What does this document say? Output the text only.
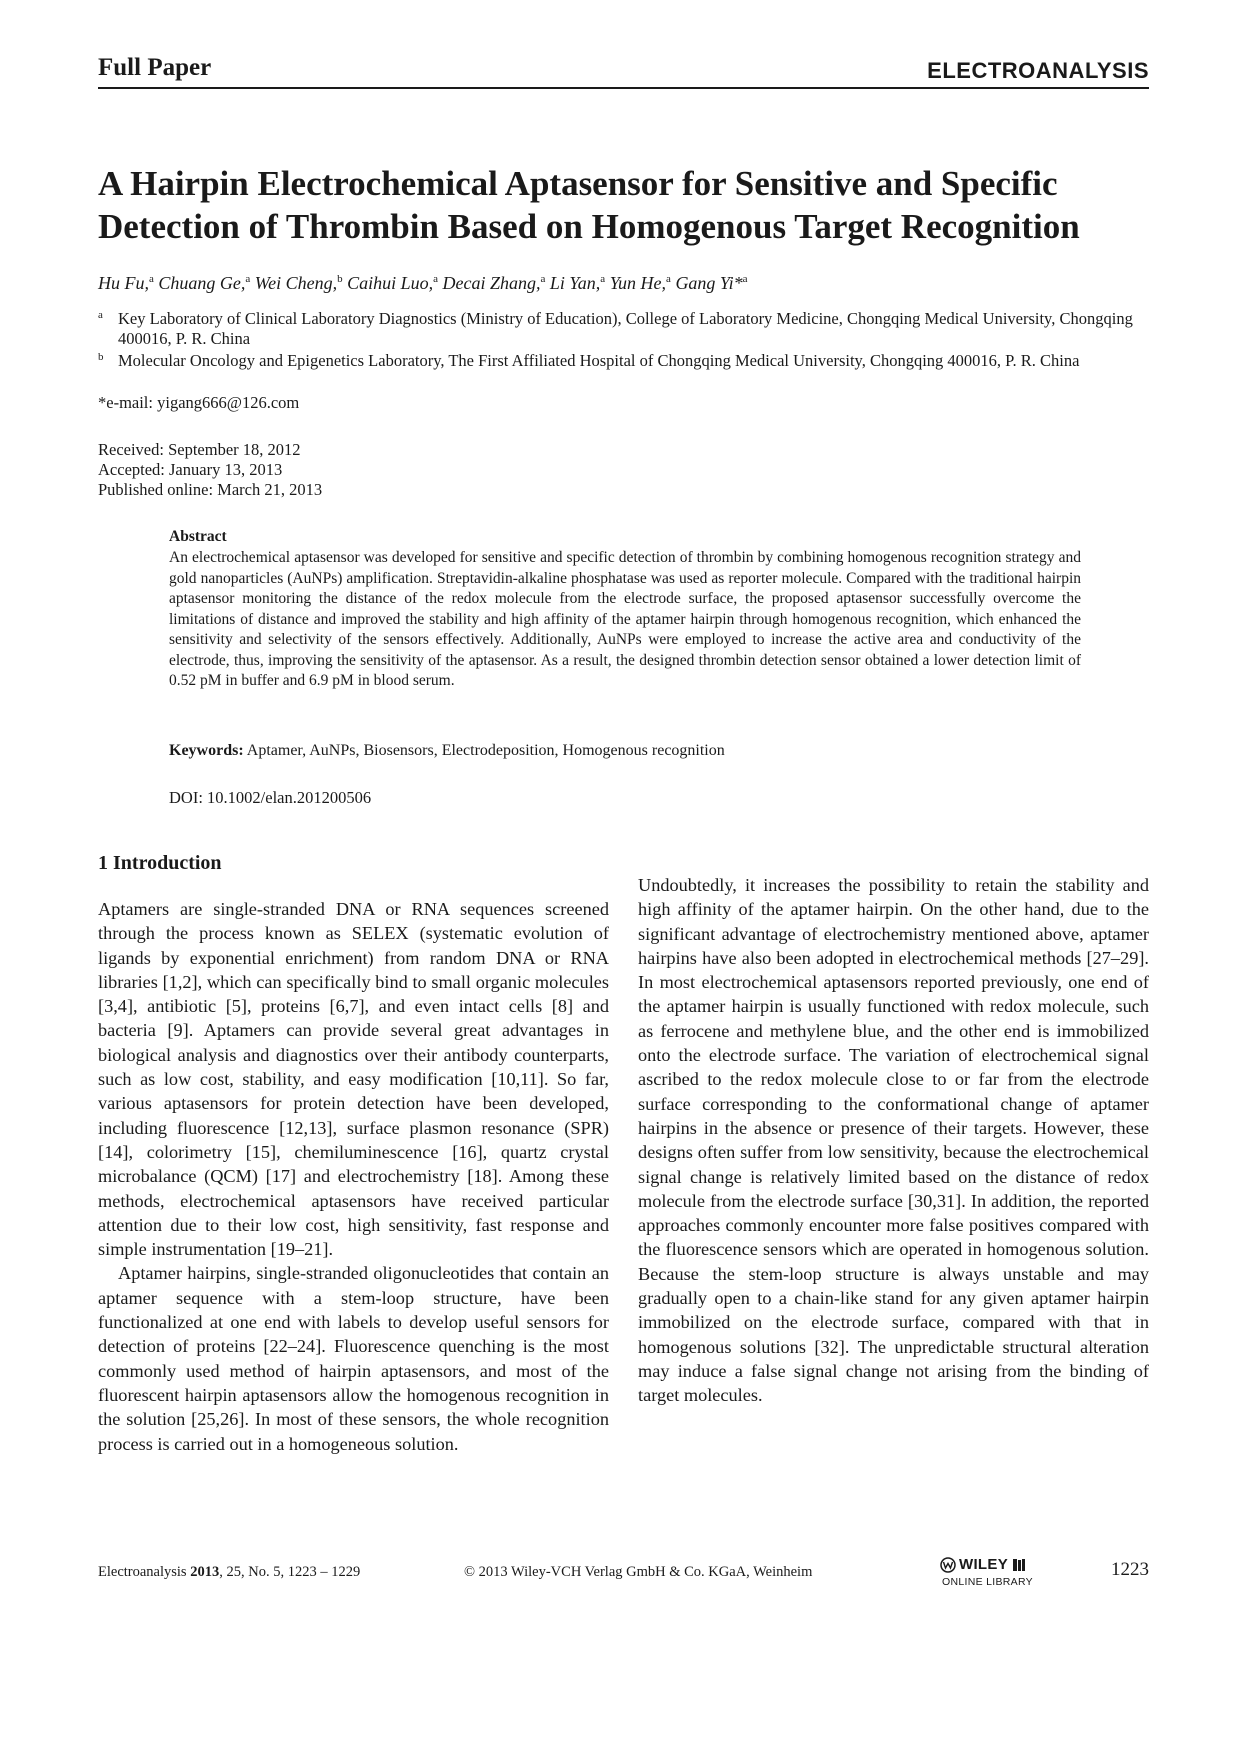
Full Paper	ELECTROANALYSIS
A Hairpin Electrochemical Aptasensor for Sensitive and Specific Detection of Thrombin Based on Homogenous Target Recognition
Hu Fu,$^a$ Chuang Ge,$^a$ Wei Cheng,$^b$ Caihui Luo,$^a$ Decai Zhang,$^a$ Li Yan,$^a$ Yun He,$^a$ Gang Yi*$^a$
a Key Laboratory of Clinical Laboratory Diagnostics (Ministry of Education), College of Laboratory Medicine, Chongqing Medical University, Chongqing 400016, P. R. China
b Molecular Oncology and Epigenetics Laboratory, The First Affiliated Hospital of Chongqing Medical University, Chongqing 400016, P. R. China
*e-mail: yigang666@126.com
Received: September 18, 2012
Accepted: January 13, 2013
Published online: March 21, 2013
Abstract
An electrochemical aptasensor was developed for sensitive and specific detection of thrombin by combining homogenous recognition strategy and gold nanoparticles (AuNPs) amplification. Streptavidin-alkaline phosphatase was used as reporter molecule. Compared with the traditional hairpin aptasensor monitoring the distance of the redox molecule from the electrode surface, the proposed aptasensor successfully overcome the limitations of distance and improved the stability and high affinity of the aptamer hairpin through homogenous recognition, which enhanced the sensitivity and selectivity of the sensors effectively. Additionally, AuNPs were employed to increase the active area and conductivity of the electrode, thus, improving the sensitivity of the aptasensor. As a result, the designed thrombin detection sensor obtained a lower detection limit of 0.52 pM in buffer and 6.9 pM in blood serum.
Keywords: Aptamer, AuNPs, Biosensors, Electrodeposition, Homogenous recognition
DOI: 10.1002/elan.201200506
1 Introduction

Aptamers are single-stranded DNA or RNA sequences screened through the process known as SELEX (systematic evolution of ligands by exponential enrichment) from random DNA or RNA libraries [1,2], which can specifically bind to small organic molecules [3,4], antibiotic [5], proteins [6,7], and even intact cells [8] and bacteria [9]. Aptamers can provide several great advantages in biological analysis and diagnostics over their antibody counterparts, such as low cost, stability, and easy modification [10,11]. So far, various aptasensors for protein detection have been developed, including fluorescence [12,13], surface plasmon resonance (SPR) [14], colorimetry [15], chemiluminescence [16], quartz crystal microbalance (QCM) [17] and electrochemistry [18]. Among these methods, electrochemical aptasensors have received particular attention due to their low cost, high sensitivity, fast response and simple instrumentation [19–21].

Aptamer hairpins, single-stranded oligonucleotides that contain an aptamer sequence with a stem-loop structure, have been functionalized at one end with labels to develop useful sensors for detection of proteins [22–24]. Fluorescence quenching is the most commonly used method of hairpin aptasensors, and most of the fluorescent hairpin aptasensors allow the homogenous recognition in the solution [25,26]. In most of these sensors, the whole recognition process is carried out in a homogeneous solution.

Undoubtedly, it increases the possibility to retain the stability and high affinity of the aptamer hairpin. On the other hand, due to the significant advantage of electrochemistry mentioned above, aptamer hairpins have also been adopted in electrochemical methods [27–29]. In most electrochemical aptasensors reported previously, one end of the aptamer hairpin is usually functioned with redox molecule, such as ferrocene and methylene blue, and the other end is immobilized onto the electrode surface. The variation of electrochemical signal ascribed to the redox molecule close to or far from the electrode surface corresponding to the conformational change of aptamer hairpins in the absence or presence of their targets. However, these designs often suffer from low sensitivity, because the electrochemical signal change is relatively limited based on the distance of redox molecule from the electrode surface [30,31]. In addition, the reported approaches commonly encounter more false positives compared with the fluorescence sensors which are operated in homogenous solution. Because the stem-loop structure is always unstable and may gradually open to a chain-like stand for any given aptamer hairpin immobilized on the electrode surface, compared with that in homogenous solutions [32]. The unpredictable structural alteration may induce a false signal change not arising from the binding of target molecules.

Electroanalysis 2013, 25, No. 5, 1223 – 1229	© 2013 Wiley-VCH Verlag GmbH & Co. KGaA, Weinheim	WILEY
ONLINE LIBRARY
1223
